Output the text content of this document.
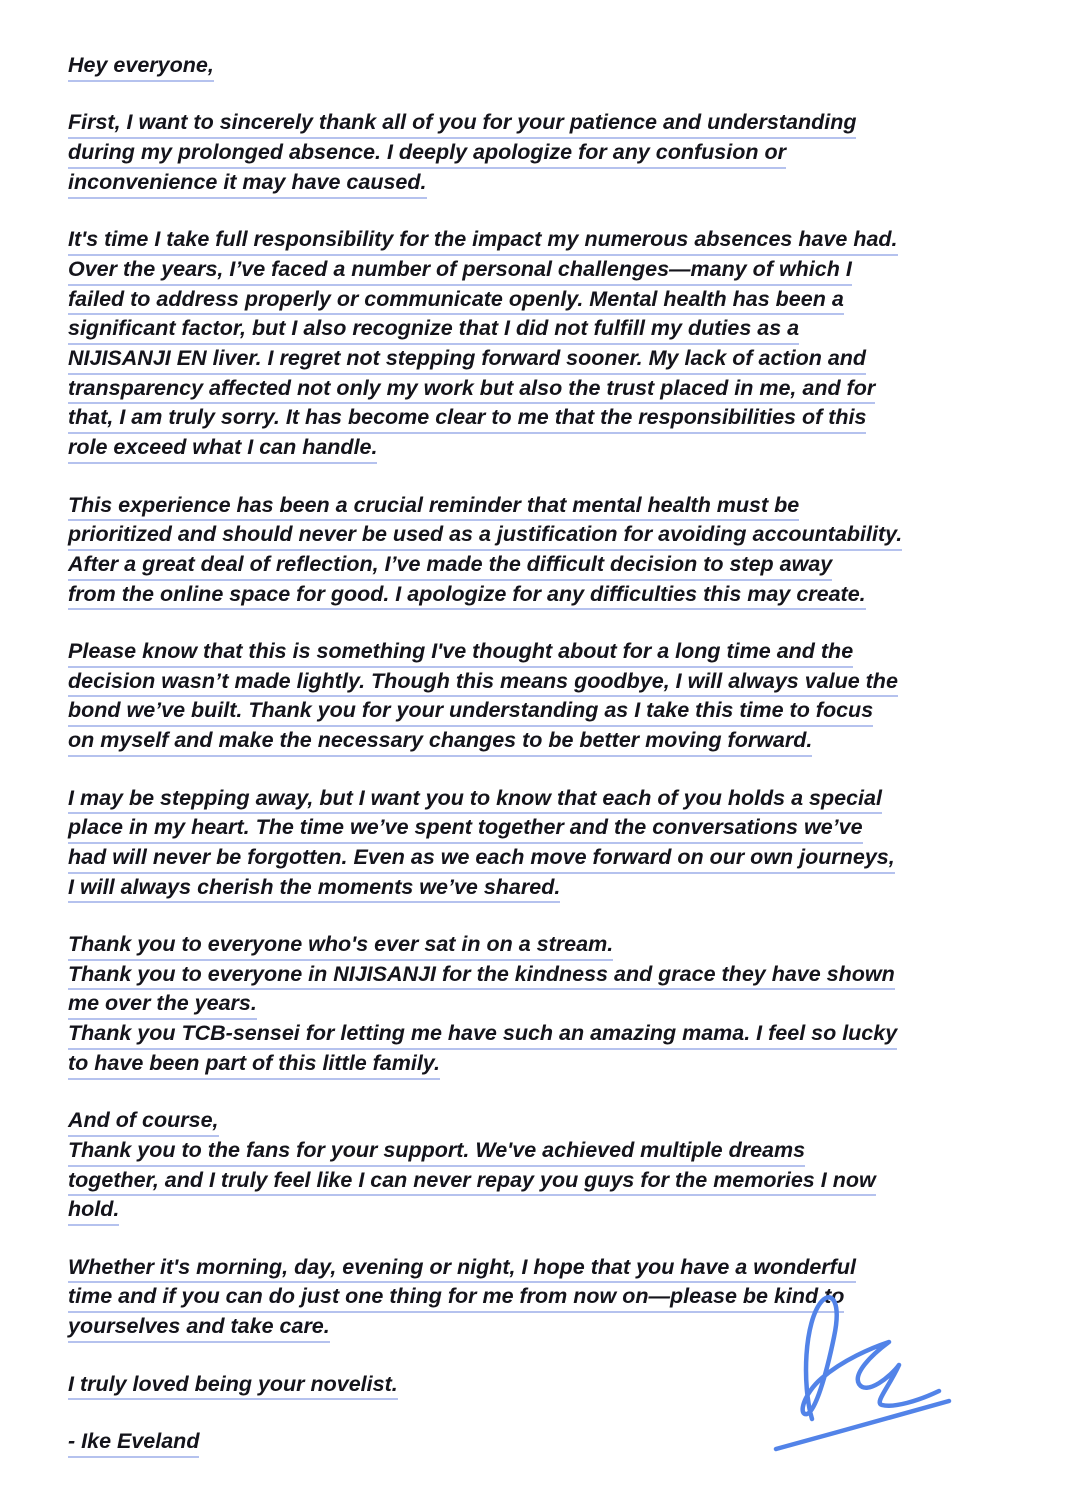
Hey everyone,
First, I want to sincerely thank all of you for your patience and understanding
during my prolonged absence. I deeply apologize for any confusion or
inconvenience it may have caused.
It's time I take full responsibility for the impact my numerous absences have had.
Over the years, I’ve faced a number of personal challenges—many of which I
failed to address properly or communicate openly. Mental health has been a
significant factor, but I also recognize that I did not fulfill my duties as a
NIJISANJI EN liver. I regret not stepping forward sooner. My lack of action and
transparency affected not only my work but also the trust placed in me, and for
that, I am truly sorry. It has become clear to me that the responsibilities of this
role exceed what I can handle.
This experience has been a crucial reminder that mental health must be
prioritized and should never be used as a justification for avoiding accountability.
After a great deal of reflection, I’ve made the difficult decision to step away
from the online space for good. I apologize for any difficulties this may create.
Please know that this is something I've thought about for a long time and the
decision wasn’t made lightly. Though this means goodbye, I will always value the
bond we’ve built. Thank you for your understanding as I take this time to focus
on myself and make the necessary changes to be better moving forward.
I may be stepping away, but I want you to know that each of you holds a special
place in my heart. The time we’ve spent together and the conversations we’ve
had will never be forgotten. Even as we each move forward on our own journeys,
I will always cherish the moments we’ve shared.
Thank you to everyone who's ever sat in on a stream.
Thank you to everyone in NIJISANJI for the kindness and grace they have shown
me over the years.
Thank you TCB-sensei for letting me have such an amazing mama. I feel so lucky
to have been part of this little family.
And of course,
Thank you to the fans for your support. We've achieved multiple dreams
together, and I truly feel like I can never repay you guys for the memories I now
hold.
Whether it's morning, day, evening or night, I hope that you have a wonderful
time and if you can do just one thing for me from now on—please be kind to
yourselves and take care.
I truly loved being your novelist.
- Ike Eveland
